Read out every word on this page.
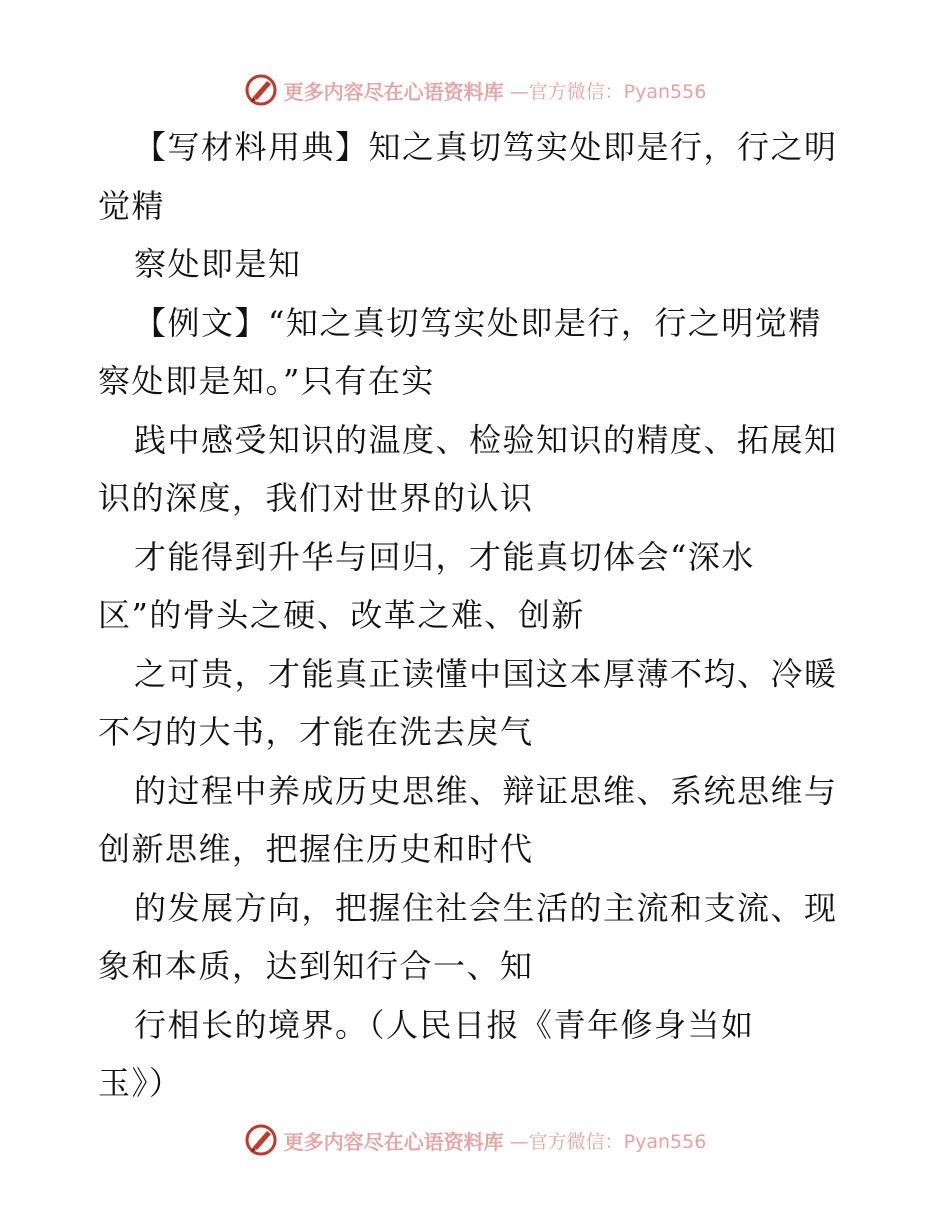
更多内容尽在心语资料库 —官方微信：Pyan556
【写材料用典】知之真切笃实处即是行，行之明
觉精
察处即是知
【例文】“知之真切笃实处即是行，行之明觉精
察处即是知。”只有在实
践中感受知识的温度、检验知识的精度、拓展知
识的深度，我们对世界的认识
才能得到升华与回归，才能真切体会“深水
区”的骨头之硬、改革之难、创新
之可贵，才能真正读懂中国这本厚薄不均、冷暖
不匀的大书，才能在洗去戾气
的过程中养成历史思维、辩证思维、系统思维与
创新思维，把握住历史和时代
的发展方向，把握住社会生活的主流和支流、现
象和本质，达到知行合一、知
行相长的境界。（人民日报《青年修身当如
玉》）
更多内容尽在心语资料库 —官方微信：Pyan556
